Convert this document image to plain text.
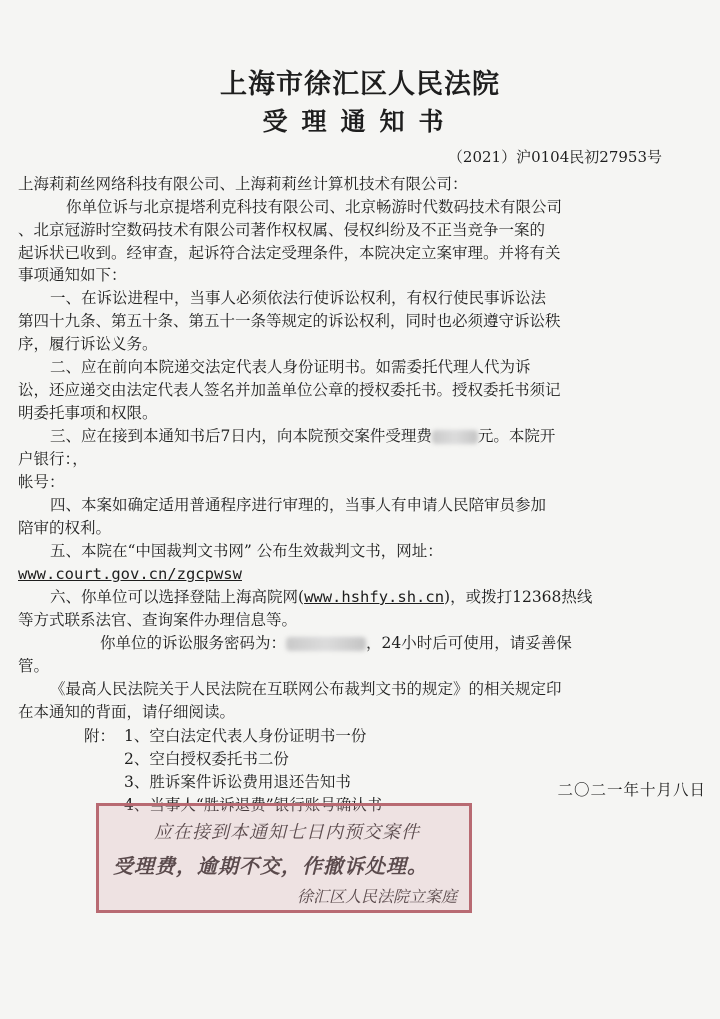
上海市徐汇区人民法院
受理通知书
（2021）沪0104民初27953号
上海莉莉丝网络科技有限公司、上海莉莉丝计算机技术有限公司：
你单位诉与北京提塔利克科技有限公司、北京畅游时代数码技术有限公司
、北京冠游时空数码技术有限公司著作权权属、侵权纠纷及不正当竞争一案的
起诉状已收到。经审查，起诉符合法定受理条件，本院决定立案审理。并将有关
事项通知如下：
一、在诉讼进程中，当事人必须依法行使诉讼权利，有权行使民事诉讼法
第四十九条、第五十条、第五十一条等规定的诉讼权利，同时也必须遵守诉讼秩
序，履行诉讼义务。
二、应在前向本院递交法定代表人身份证明书。如需委托代理人代为诉
讼，还应递交由法定代表人签名并加盖单位公章的授权委托书。授权委托书须记
明委托事项和权限。
三、应在接到本通知书后7日内，向本院预交案件受理费	元。本院开
户银行：，
帐号：
四、本案如确定适用普通程序进行审理的，当事人有申请人民陪审员参加
陪审的权利。
五、本院在“中国裁判文书网” 公布生效裁判文书，网址：
www.court.gov.cn/zgcpwsw
六、你单位可以选择登陆上海高院网(www.hshfy.sh.cn)，或拨打12368热线
等方式联系法官、查询案件办理信息等。
你单位的诉讼服务密码为：	，24小时后可使用，请妥善保
管。
《最高人民法院关于人民法院在互联网公布裁判文书的规定》的相关规定印
在本通知的背面，请仔细阅读。
附： 1、空白法定代表人身份证明书一份
2、空白授权委托书二份
3、胜诉案件诉讼费用退还告知书
4、当事人“胜诉退费”银行账号确认书
二〇二一年十月八日
应在接到本通知七日内预交案件
受理费，逾期不交，作撤诉处理。
徐汇区人民法院立案庭
